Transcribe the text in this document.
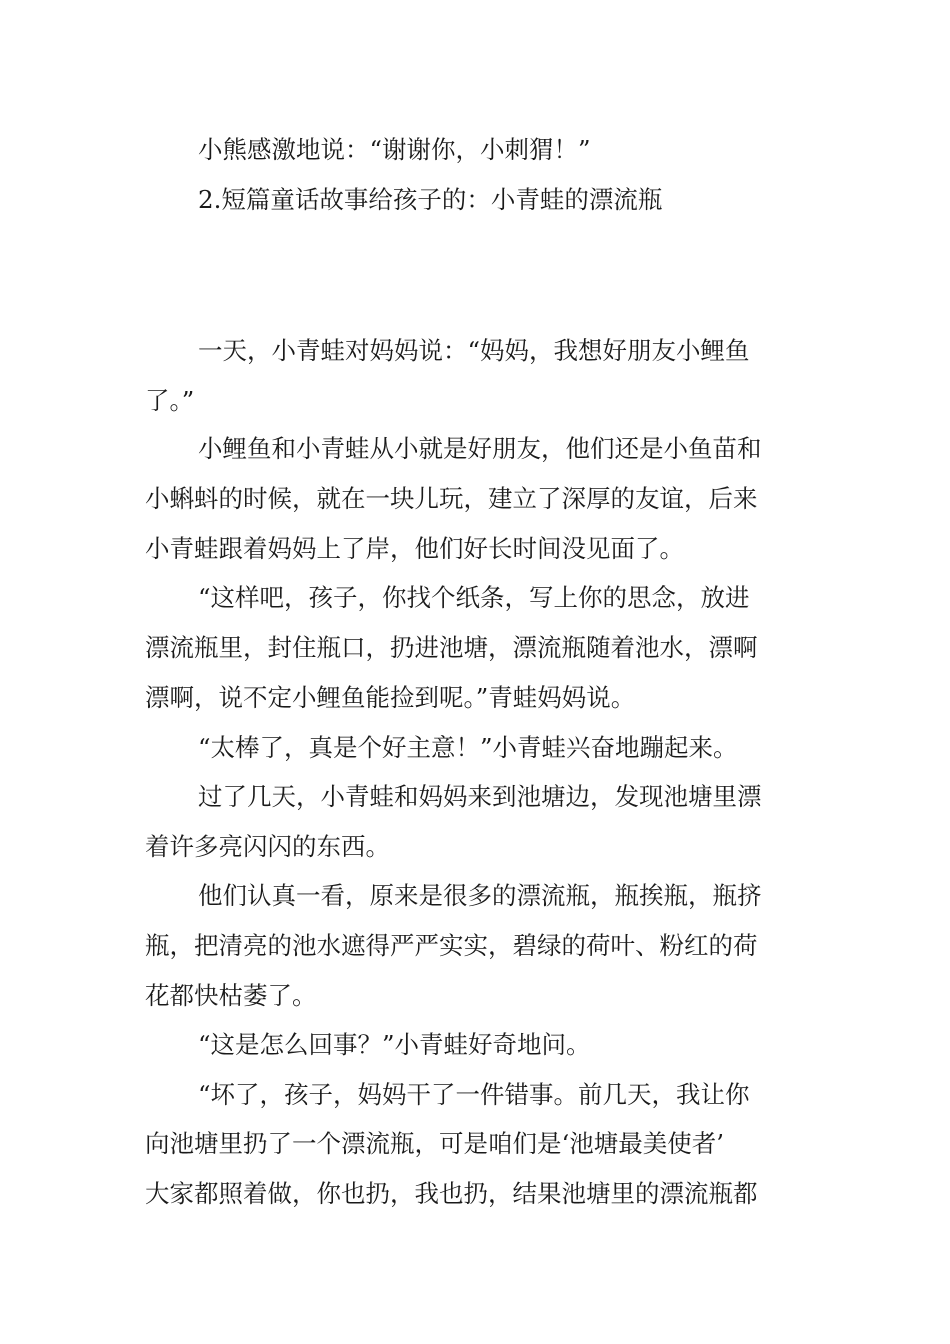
小熊感激地说：“谢谢你，小刺猬！”
2.短篇童话故事给孩子的：小青蛙的漂流瓶
一天，小青蛙对妈妈说：“妈妈，我想好朋友小鲤鱼
了。”
小鲤鱼和小青蛙从小就是好朋友，他们还是小鱼苗和
小蝌蚪的时候，就在一块儿玩，建立了深厚的友谊，后来
小青蛙跟着妈妈上了岸，他们好长时间没见面了。
“这样吧，孩子，你找个纸条，写上你的思念，放进
漂流瓶里，封住瓶口，扔进池塘，漂流瓶随着池水，漂啊
漂啊，说不定小鲤鱼能捡到呢。”青蛙妈妈说。
“太棒了，真是个好主意！”小青蛙兴奋地蹦起来。
过了几天，小青蛙和妈妈来到池塘边，发现池塘里漂
着许多亮闪闪的东西。
他们认真一看，原来是很多的漂流瓶，瓶挨瓶，瓶挤
瓶，把清亮的池水遮得严严实实，碧绿的荷叶、粉红的荷
花都快枯萎了。
“这是怎么回事？”小青蛙好奇地问。
“坏了，孩子，妈妈干了一件错事。前几天，我让你
向池塘里扔了一个漂流瓶，可是咱们是‘池塘最美使者’
大家都照着做，你也扔，我也扔，结果池塘里的漂流瓶都
